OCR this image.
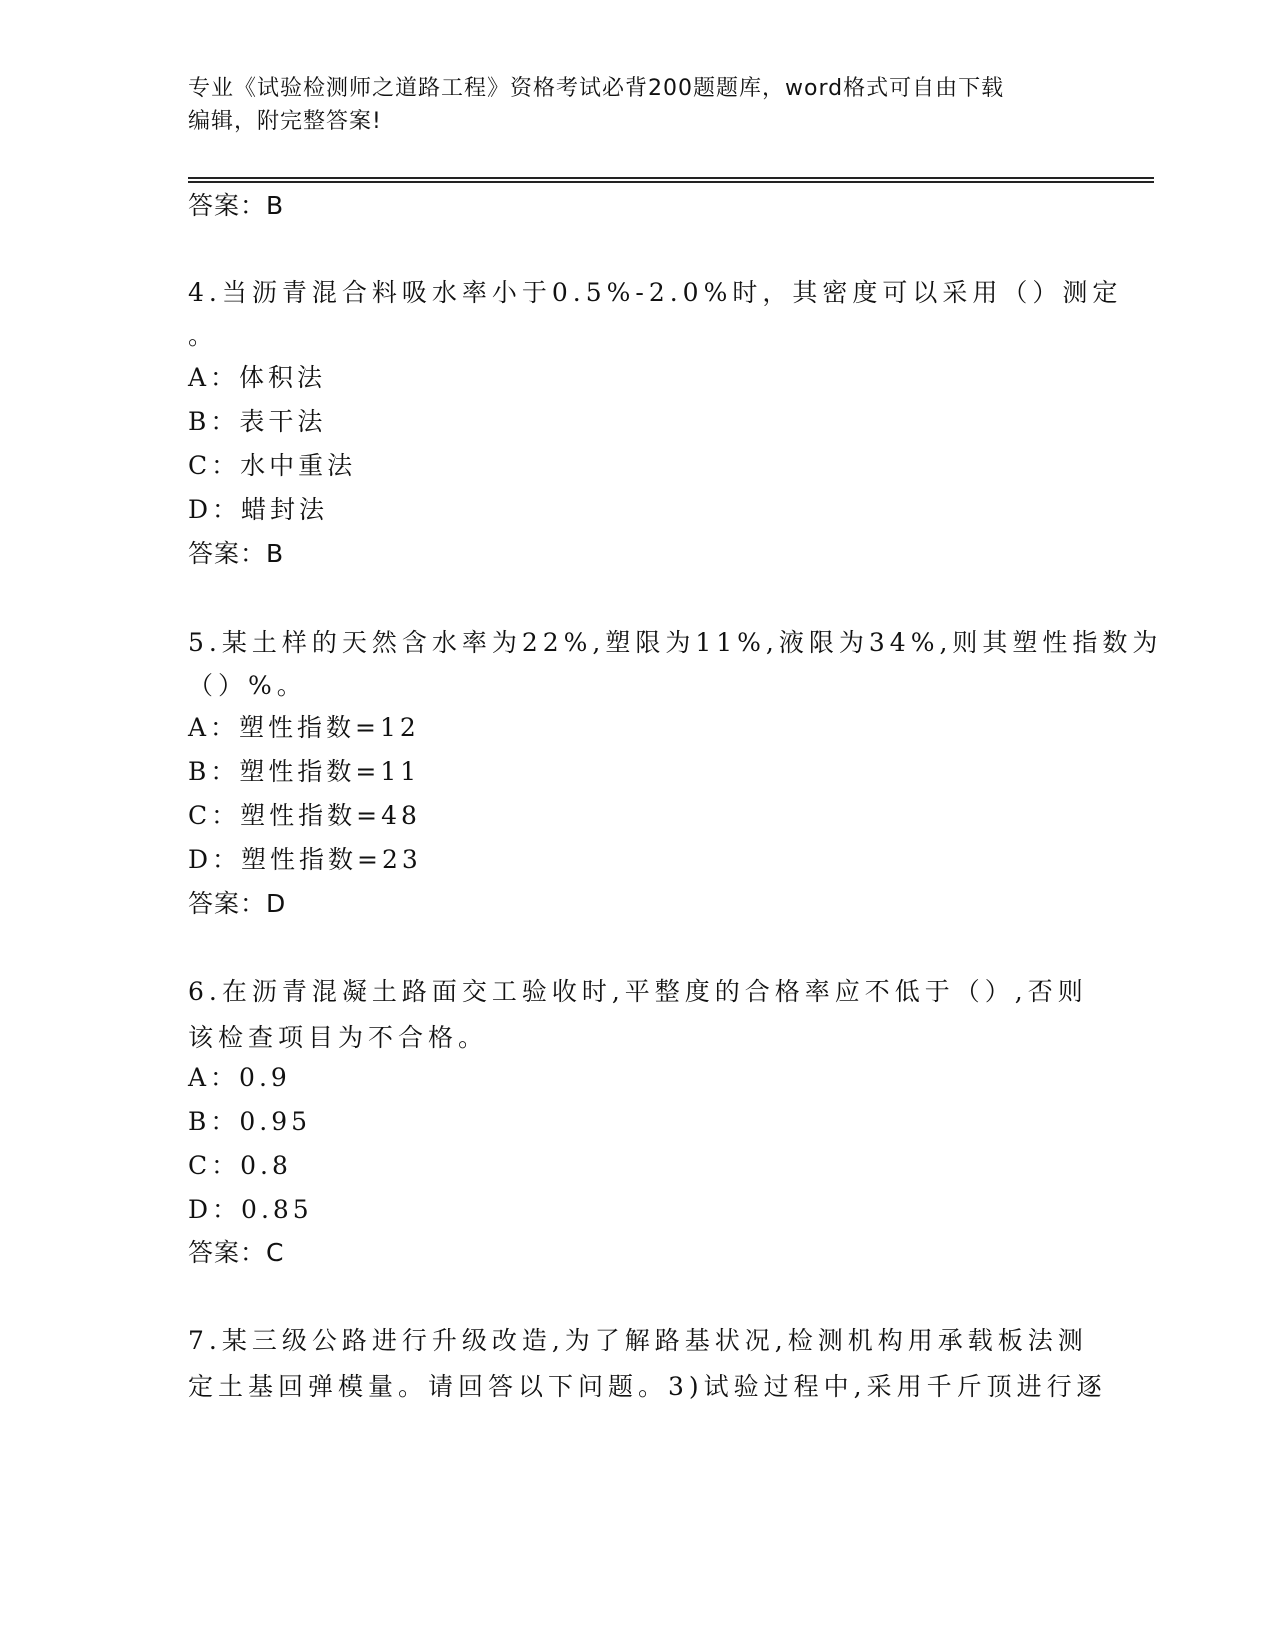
专业《试验检测师之道路工程》资格考试必背200题题库，word格式可自由下载
编辑，附完整答案!
答案：B
4.当沥青混合料吸水率小于0.5%-2.0%时，其密度可以采用（）测定
。
A：体积法
B：表干法
C：水中重法
D：蜡封法
答案：B
5.某土样的天然含水率为22%,塑限为11%,液限为34%,则其塑性指数为
（）%。
A：塑性指数=12
B：塑性指数=11
C：塑性指数=48
D：塑性指数=23
答案：D
6.在沥青混凝土路面交工验收时,平整度的合格率应不低于（）,否则
该检查项目为不合格。
A：0.9
B：0.95
C：0.8
D：0.85
答案：C
7.某三级公路进行升级改造,为了解路基状况,检测机构用承载板法测
定土基回弹模量。请回答以下问题。3)试验过程中,采用千斤顶进行逐
